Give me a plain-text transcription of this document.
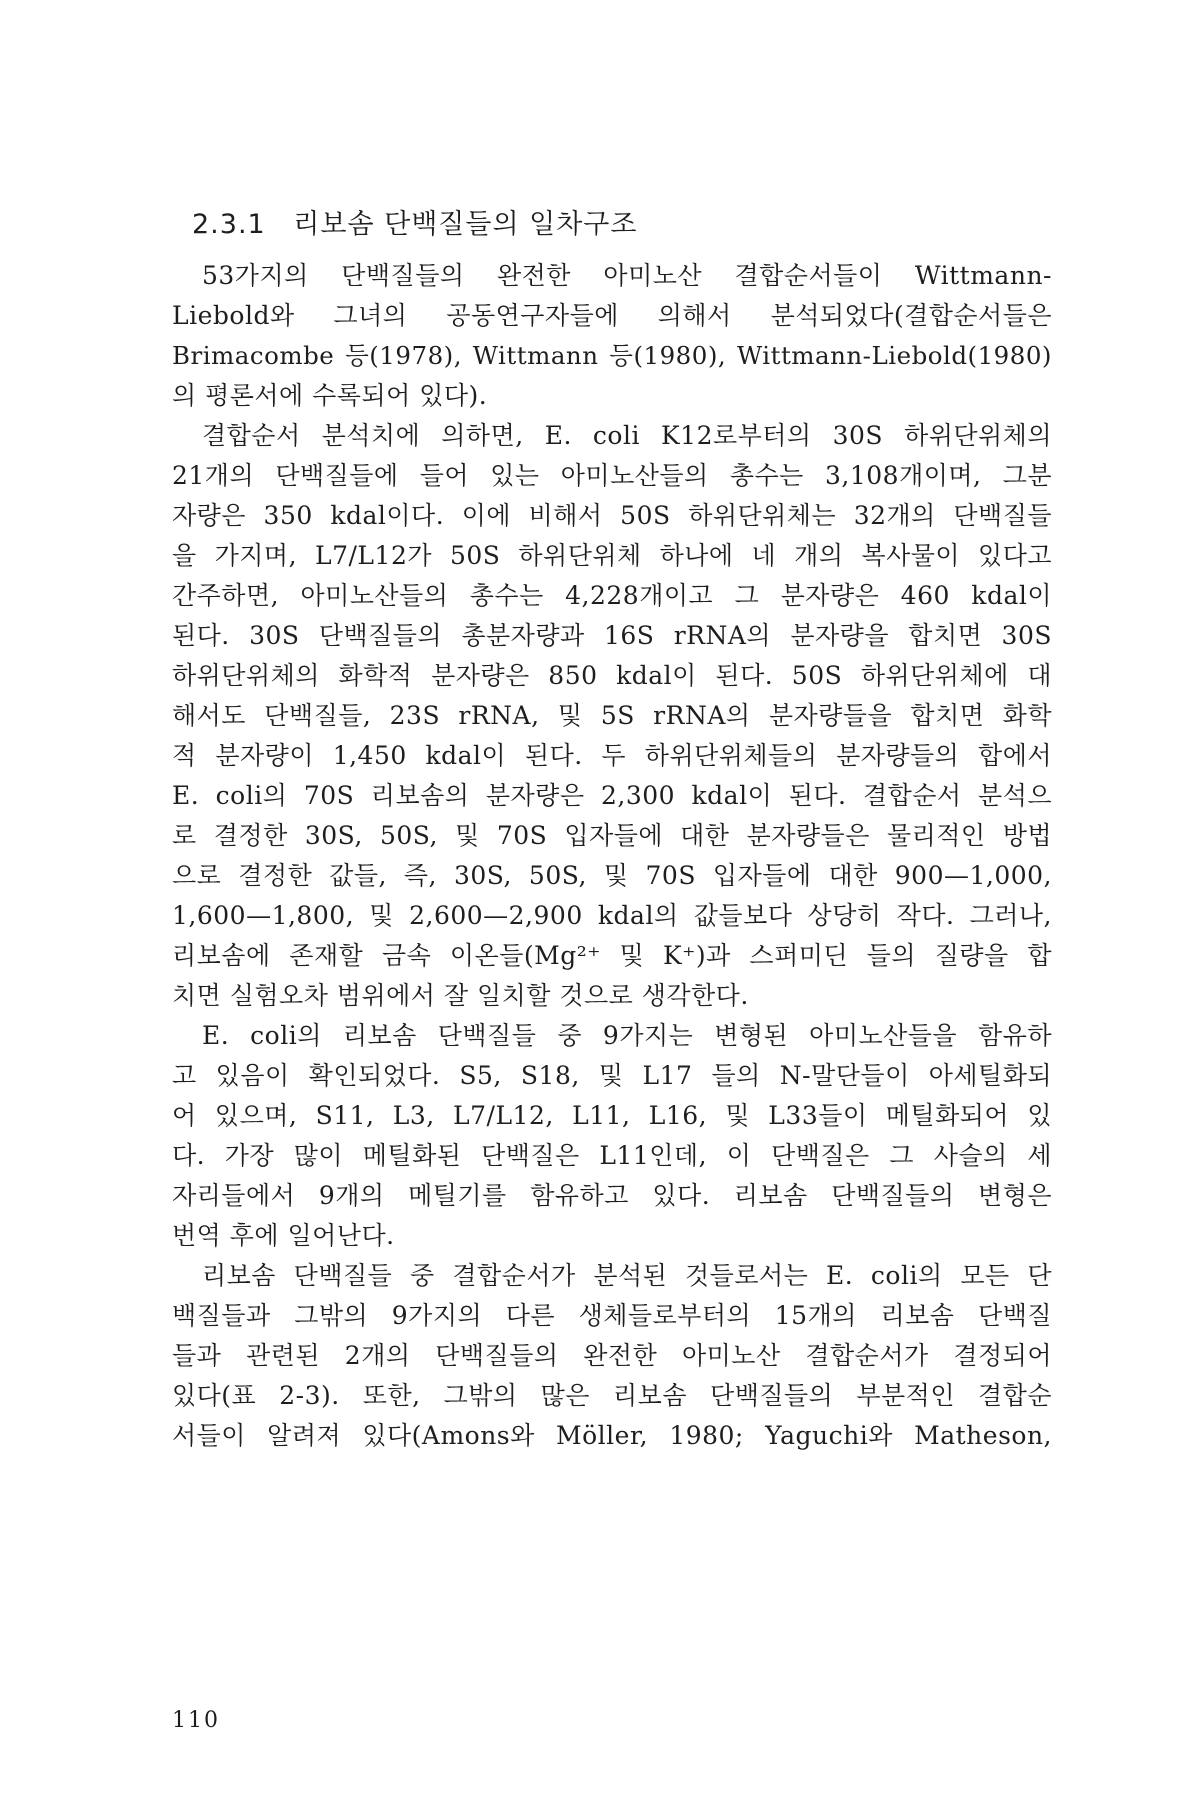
2.3.1 리보솜 단백질들의 일차구조
53가지의 단백질들의 완전한 아미노산 결합순서들이 Wittmann-
Liebold와 그녀의 공동연구자들에 의해서 분석되었다(결합순서들은
Brimacombe 등(1978), Wittmann 등(1980), Wittmann-Liebold(1980)
의 평론서에 수록되어 있다).
결합순서 분석치에 의하면, E. coli K12로부터의 30S 하위단위체의
21개의 단백질들에 들어 있는 아미노산들의 총수는 3,108개이며, 그분
자량은 350 kdal이다. 이에 비해서 50S 하위단위체는 32개의 단백질들
을 가지며, L7/L12가 50S 하위단위체 하나에 네 개의 복사물이 있다고
간주하면, 아미노산들의 총수는 4,228개이고 그 분자량은 460 kdal이
된다. 30S 단백질들의 총분자량과 16S rRNA의 분자량을 합치면 30S
하위단위체의 화학적 분자량은 850 kdal이 된다. 50S 하위단위체에 대
해서도 단백질들, 23S rRNA, 및 5S rRNA의 분자량들을 합치면 화학
적 분자량이 1,450 kdal이 된다. 두 하위단위체들의 분자량들의 합에서
E. coli의 70S 리보솜의 분자량은 2,300 kdal이 된다. 결합순서 분석으
로 결정한 30S, 50S, 및 70S 입자들에 대한 분자량들은 물리적인 방법
으로 결정한 값들, 즉, 30S, 50S, 및 70S 입자들에 대한 900—1,000,
1,600—1,800, 및 2,600—2,900 kdal의 값들보다 상당히 작다. 그러나,
리보솜에 존재할 금속 이온들(Mg²⁺ 및 K⁺)과 스퍼미딘 들의 질량을 합
치면 실험오차 범위에서 잘 일치할 것으로 생각한다.
E. coli의 리보솜 단백질들 중 9가지는 변형된 아미노산들을 함유하
고 있음이 확인되었다. S5, S18, 및 L17 들의 N-말단들이 아세틸화되
어 있으며, S11, L3, L7/L12, L11, L16, 및 L33들이 메틸화되어 있
다. 가장 많이 메틸화된 단백질은 L11인데, 이 단백질은 그 사슬의 세
자리들에서 9개의 메틸기를 함유하고 있다. 리보솜 단백질들의 변형은
번역 후에 일어난다.
리보솜 단백질들 중 결합순서가 분석된 것들로서는 E. coli의 모든 단
백질들과 그밖의 9가지의 다른 생체들로부터의 15개의 리보솜 단백질
들과 관련된 2개의 단백질들의 완전한 아미노산 결합순서가 결정되어
있다(표 2-3). 또한, 그밖의 많은 리보솜 단백질들의 부분적인 결합순
서들이 알려져 있다(Amons와 Möller, 1980; Yaguchi와 Matheson,
110
